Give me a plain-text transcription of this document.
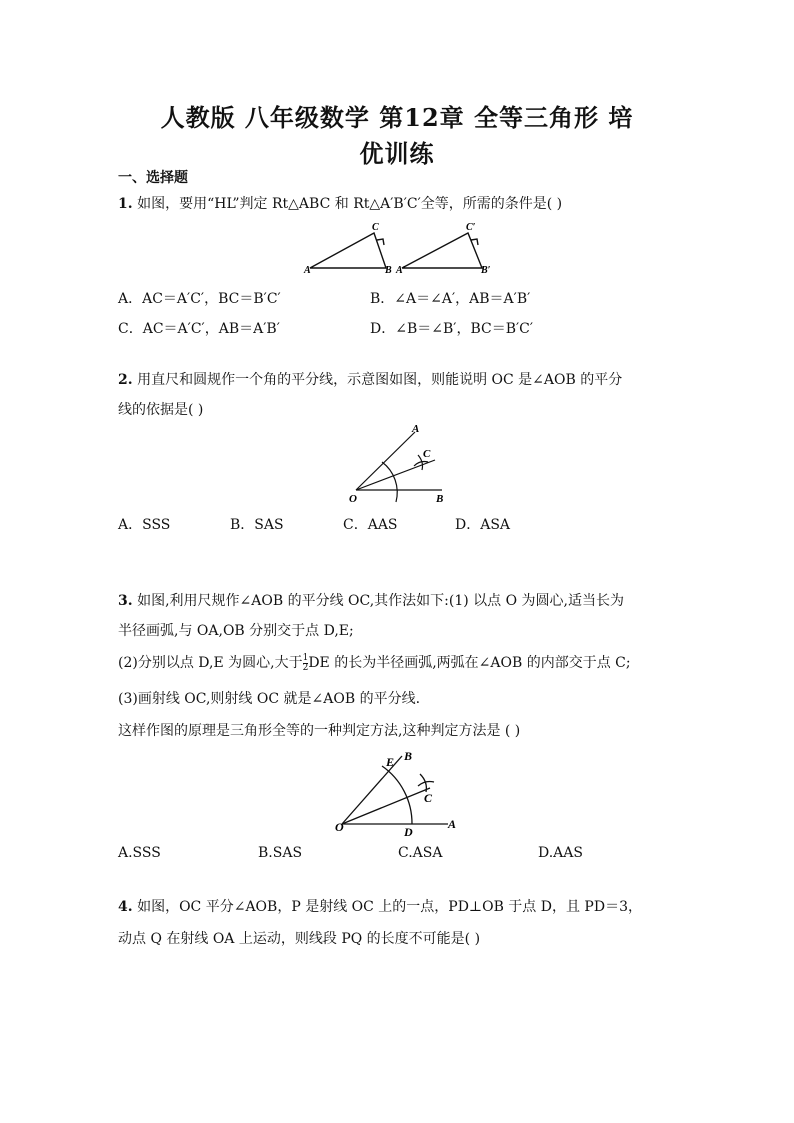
人教版 八年级数学 第12章 全等三角形 培
优训练
一、选择题
1. 如图，要用“HL”判定 Rt△ABC 和 Rt△A′B′C′全等，所需的条件是( )
A	B
C
A′	B′
C′
A．AC＝A′C′，BC＝B′C′	B．∠A＝∠A′，AB＝A′B′
C．AC＝A′C′，AB＝A′B′	D．∠B＝∠B′，BC＝B′C′
2. 用直尺和圆规作一个角的平分线，示意图如图，则能说明 OC 是∠AOB 的平分
线的依据是( )
O
A
B
C
A．SSS	B．SAS	C．AAS	D．ASA
3. 如图,利用尺规作∠AOB 的平分线 OC,其作法如下:(1) 以点 O 为圆心,适当长为
半径画弧,与 OA,OB 分别交于点 D,E;
(2)分别以点 D,E 为圆心,大于 $\frac{1}{2}$ DE 的长为半径画弧,两弧在∠AOB 的内部交于点 C;
(3)画射线 OC,则射线 OC 就是∠AOB 的平分线.
这样作图的原理是三角形全等的一种判定方法,这种判定方法是 ( )
O	A
B
C
D
E
A.SSS	B.SAS	C.ASA	D.AAS
4. 如图，OC 平分∠AOB，P 是射线 OC 上的一点，PD⊥OB 于点 D，且 PD＝3，
动点 Q 在射线 OA 上运动，则线段 PQ 的长度不可能是( )
